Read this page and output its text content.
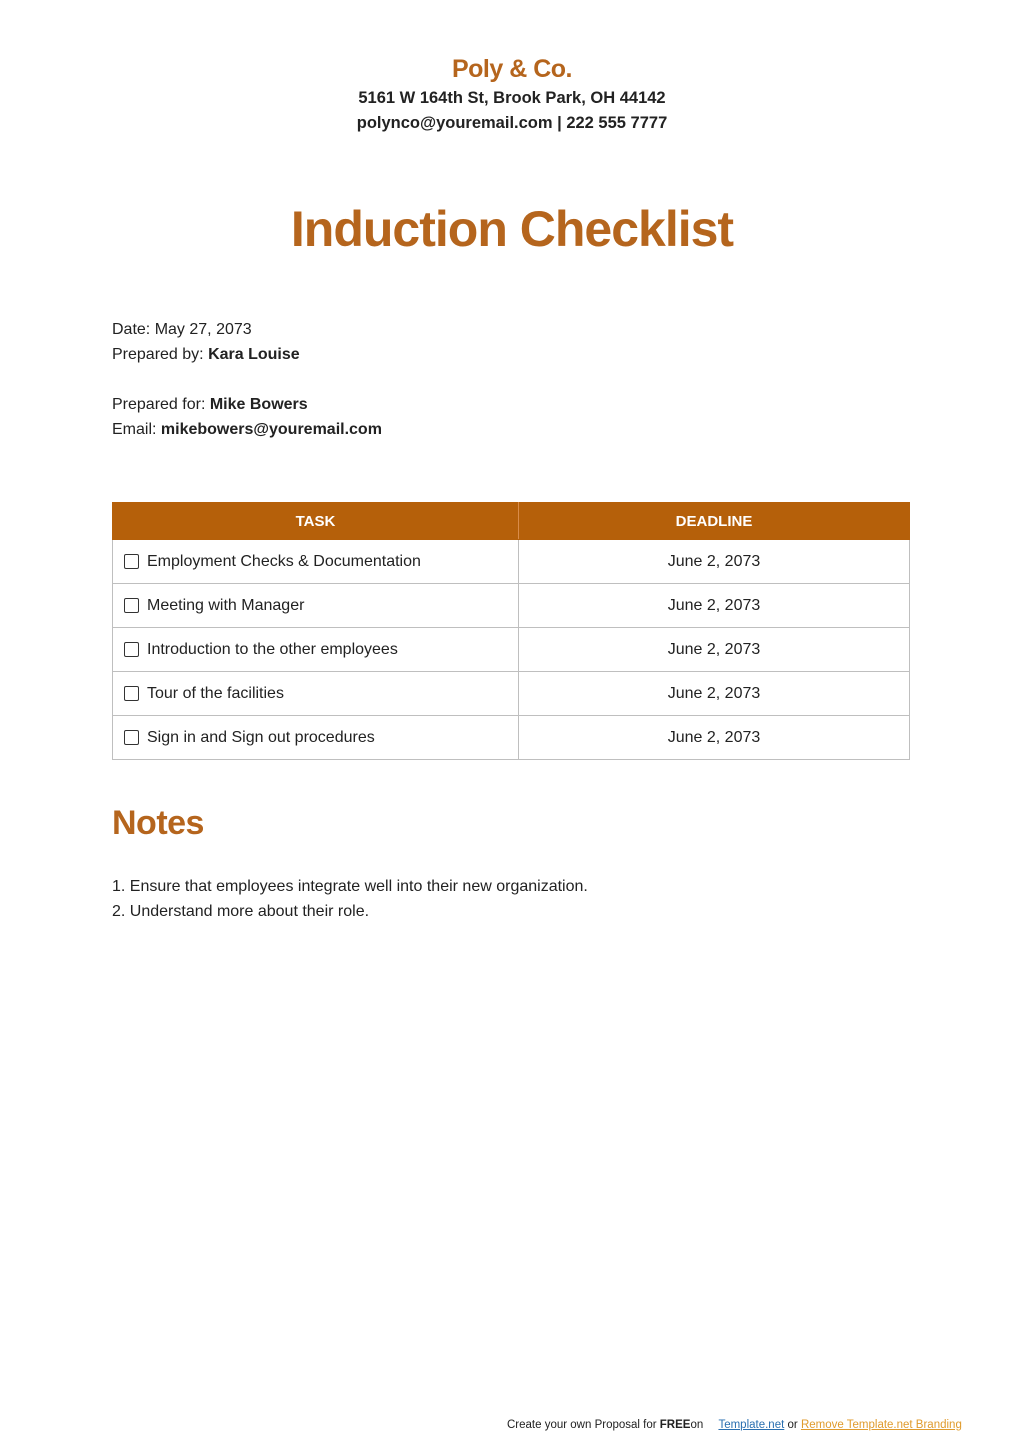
Poly & Co.
5161 W 164th St, Brook Park, OH 44142
polynco@youremail.com | 222 555 7777
Induction Checklist
Date: May 27, 2073
Prepared by: Kara Louise
Prepared for: Mike Bowers
Email: mikebowers@youremail.com
TASK	DEADLINE
Employment Checks & Documentation	June 2, 2073
Meeting with Manager	June 2, 2073
Introduction to the other employees	June 2, 2073
Tour of the facilities	June 2, 2073
Sign in and Sign out procedures	June 2, 2073
Notes
1. Ensure that employees integrate well into their new organization.
2. Understand more about their role.
Create your own Proposal for FREEon Template.net or Remove Template.net Branding
